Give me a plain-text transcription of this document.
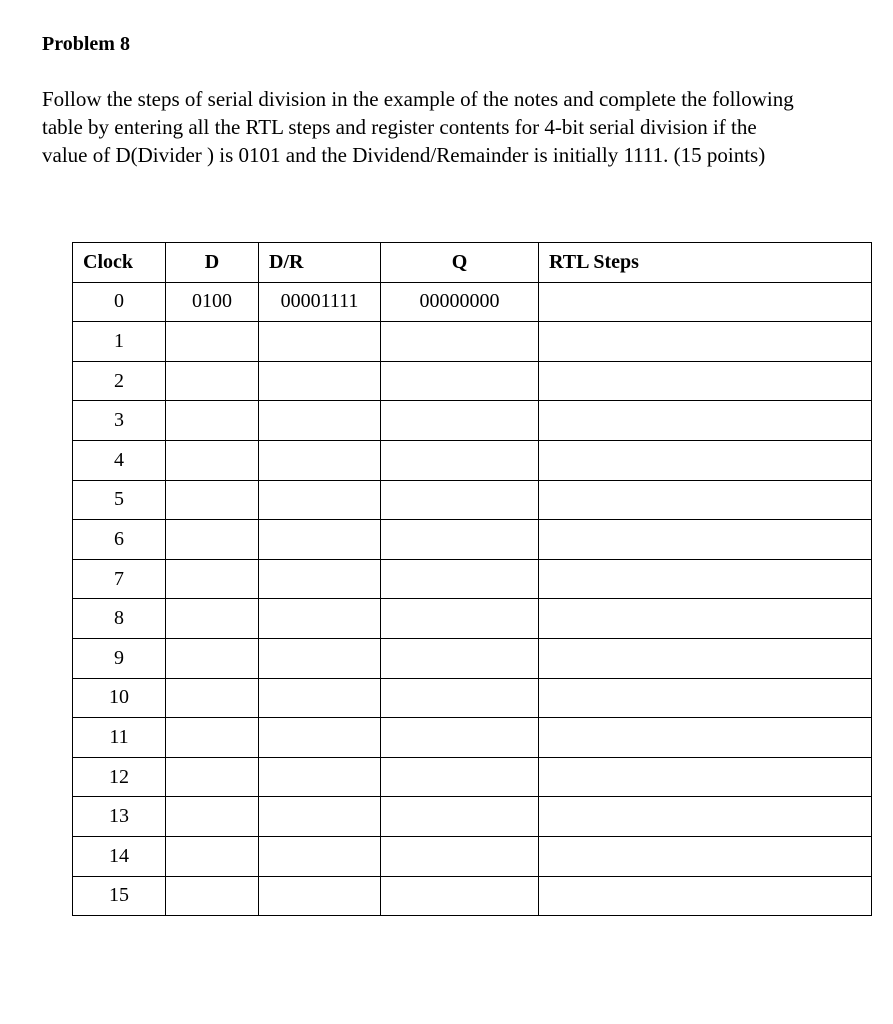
Problem 8
Follow the steps of serial division in the example of the notes and complete the following
table by entering all the RTL steps and register contents for 4-bit serial division if the
value of D(Divider ) is 0101 and the Dividend/Remainder is initially 1111. (15 points)
Clock	D	D/R	Q	RTL Steps
0	0100	00001111	00000000	
1				
2				
3				
4				
5				
6				
7				
8				
9				
10				
11				
12				
13				
14				
15				
